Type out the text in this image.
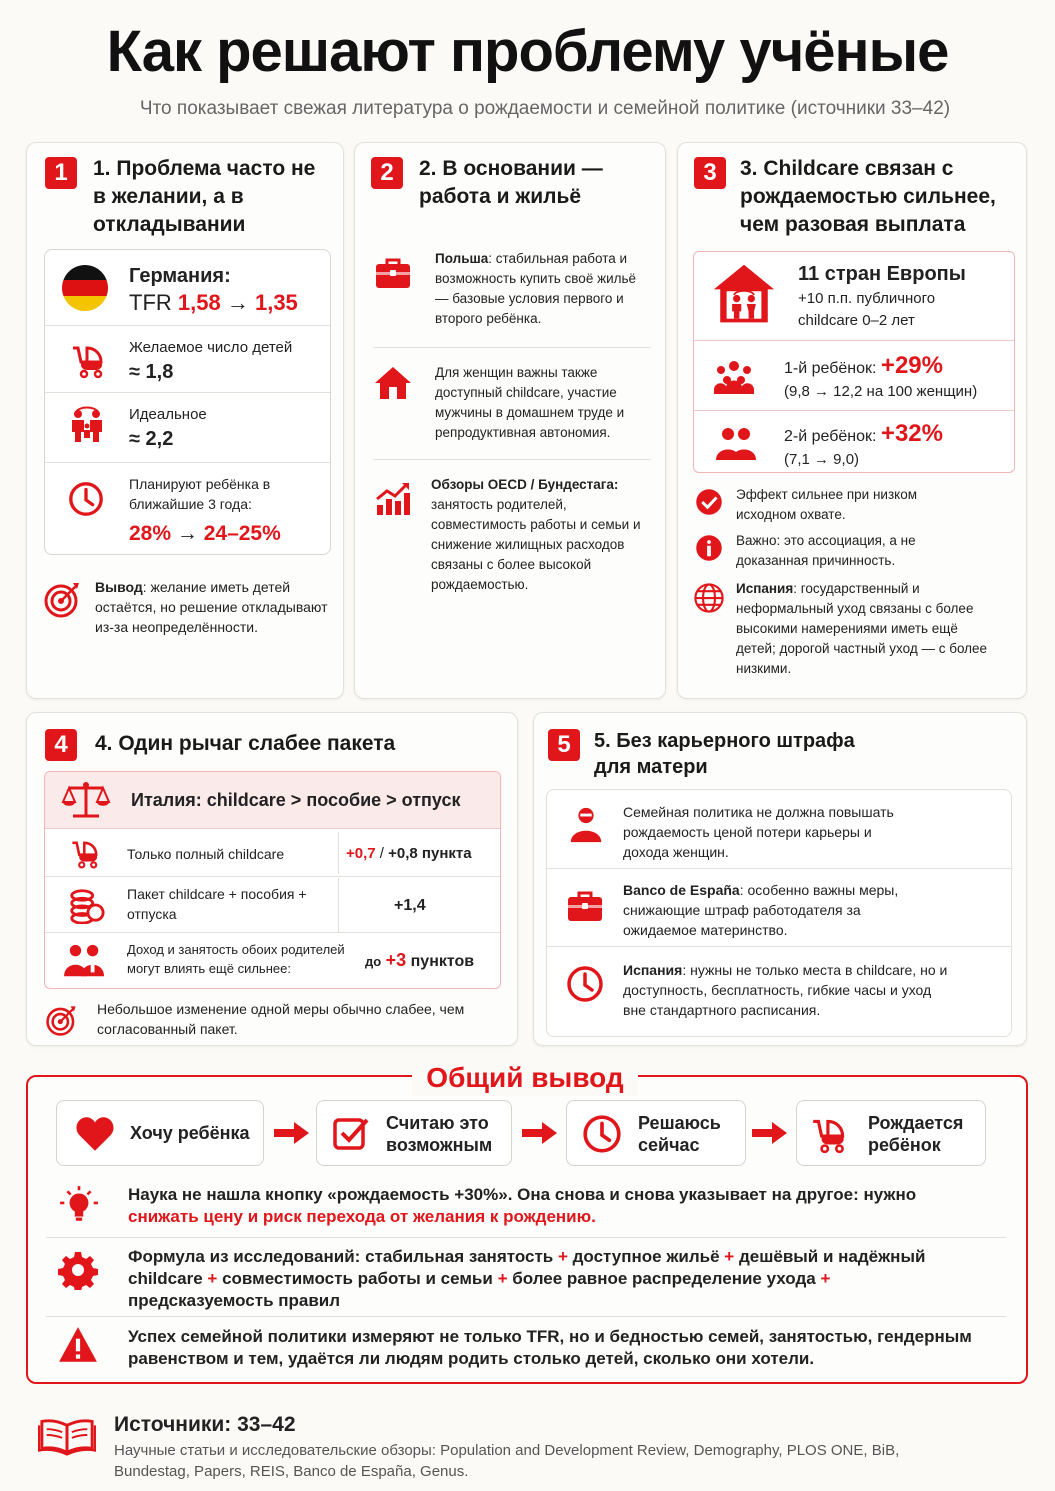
Как решают проблему учёные
Что показывает свежая литература о рождаемости и семейной политике (источники 33–42)
1	1. Проблема часто не в желании, а в откладывании
Германия:
TFR 1,58 → 1,35
Желаемое число детей
≈ 1,8
Идеальное
≈ 2,2
Планируют ребёнка в ближайшие 3 года:
28% → 24–25%
Вывод: желание иметь детей остаётся, но решение откладывают из-за неопределённости.
2	2. В основании — работа и жильё
Польша: стабильная работа и возможность купить своё жильё — базовые условия первого и второго ребёнка.
Для женщин важны также доступный childcare, участие мужчины в домашнем труде и репродуктивная автономия.
Обзоры OECD / Бундестага:
занятость родителей, совместимость работы и семьи и снижение жилищных расходов связаны с более высокой рождаемостью.
3	3. Childcare связан с рождаемостью сильнее, чем разовая выплата
11 стран Европы
+10 п.п. публичного childcare 0–2 лет
1-й ребёнок: +29%
(9,8 → 12,2 на 100 женщин)
2-й ребёнок: +32%
(7,1 → 9,0)
Эффект сильнее при низком исходном охвате.
Важно: это ассоциация, а не доказанная причинность.
Испания: государственный и неформальный уход связаны с более высокими намерениями иметь ещё детей; дорогой частный уход — с более низкими.
4	4. Один рычаг слабее пакета
Италия: childcare > пособие > отпуск
Только полный childcare	+0,7 / +0,8 пункта
Пакет childcare + пособия + отпуска	+1,4
Доход и занятость обоих родителей могут влиять ещё сильнее:	до +3 пунктов
Небольшое изменение одной меры обычно слабее, чем согласованный пакет.
5	5. Без карьерного штрафа для матери
Семейная политика не должна повышать рождаемость ценой потери карьеры и дохода женщин.
Banco de España: особенно важны меры, снижающие штраф работодателя за ожидаемое материнство.
Испания: нужны не только места в childcare, но и доступность, бесплатность, гибкие часы и уход вне стандартного расписания.
Общий вывод
Хочу ребёнка	Считаю это возможным
Решаюсь сейчас
Рождается ребёнок
Наука не нашла кнопку «рождаемость +30%». Она снова и снова указывает на другое: нужно снижать цену и риск перехода от желания к рождению.
Формула из исследований: стабильная занятость + доступное жильё + дешёвый и надёжный childcare + совместимость работы и семьи + более равное распределение ухода + предсказуемость правил
Успех семейной политики измеряют не только TFR, но и бедностью семей, занятостью, гендерным равенством и тем, удаётся ли людям родить столько детей, сколько они хотели.
Источники: 33–42
Научные статьи и исследовательские обзоры: Population and Development Review, Demography, PLOS ONE, BiB, Bundestag, Papers, REIS, Banco de España, Genus.
